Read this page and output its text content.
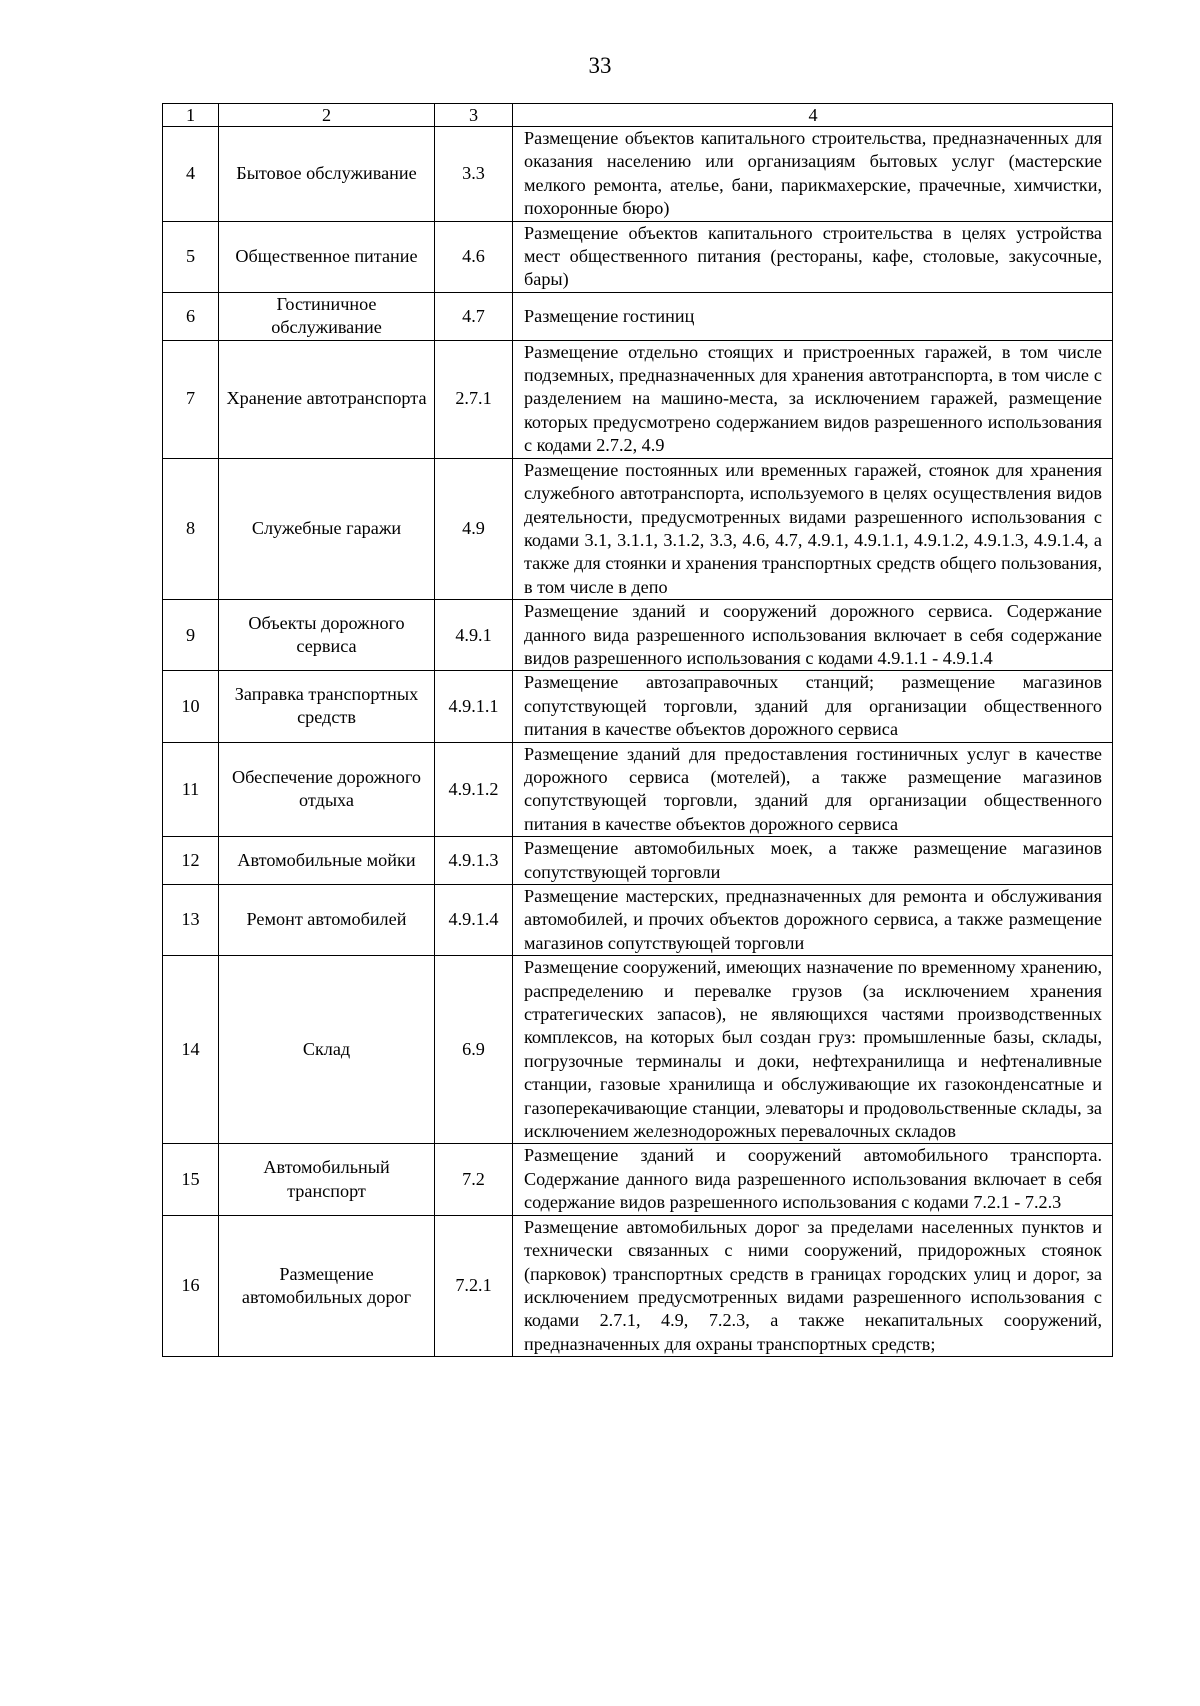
33
1	2	3	4
4	Бытовое обслуживание	3.3	Размещение объектов капитального строительства, предназначенных для оказания населению или организациям бытовых услуг (мастерские мелкого ремонта, ателье, бани, парикмахерские, прачечные, химчистки, похоронные бюро)
5	Общественное питание	4.6	Размещение объектов капитального строительства в целях устройства мест общественного питания (рестораны, кафе, столовые, закусочные, бары)
6	Гостиничное обслуживание	4.7	Размещение гостиниц
7	Хранение автотранспорта	2.7.1	Размещение отдельно стоящих и пристроенных гаражей, в том числе подземных, предназначенных для хранения автотранспорта, в том числе с разделением на машино-места, за исключением гаражей, размещение которых предусмотрено содержанием видов разрешенного использования с кодами 2.7.2, 4.9
8	Служебные гаражи	4.9	Размещение постоянных или временных гаражей, стоянок для хранения служебного автотранспорта, используемого в целях осуществления видов деятельности, предусмотренных видами разрешенного использования с кодами 3.1, 3.1.1, 3.1.2, 3.3, 4.6, 4.7, 4.9.1, 4.9.1.1, 4.9.1.2, 4.9.1.3, 4.9.1.4, а также для стоянки и хранения транспортных средств общего пользования, в том числе в депо
9	Объекты дорожного сервиса	4.9.1	Размещение зданий и сооружений дорожного сервиса. Содержание данного вида разрешенного использования включает в себя содержание видов разрешенного использования с кодами 4.9.1.1 - 4.9.1.4
10	Заправка транспортных средств	4.9.1.1	Размещение автозаправочных станций; размещение магазинов сопутствующей торговли, зданий для организации общественного питания в качестве объектов дорожного сервиса
11	Обеспечение дорожного отдыха	4.9.1.2	Размещение зданий для предоставления гостиничных услуг в качестве дорожного сервиса (мотелей), а также размещение магазинов сопутствующей торговли, зданий для организации общественного питания в качестве объектов дорожного сервиса
12	Автомобильные мойки	4.9.1.3	Размещение автомобильных моек, а также размещение магазинов сопутствующей торговли
13	Ремонт автомобилей	4.9.1.4	Размещение мастерских, предназначенных для ремонта и обслуживания автомобилей, и прочих объектов дорожного сервиса, а также размещение магазинов сопутствующей торговли
14	Склад	6.9	Размещение сооружений, имеющих назначение по временному хранению, распределению и перевалке грузов (за исключением хранения стратегических запасов), не являющихся частями производственных комплексов, на которых был создан груз: промышленные базы, склады, погрузочные терминалы и доки, нефтехранилища и нефтеналивные станции, газовые хранилища и обслуживающие их газоконденсатные и газоперекачивающие станции, элеваторы и продовольственные склады, за исключением железнодорожных перевалочных складов
15	Автомобильный транспорт	7.2	Размещение зданий и сооружений автомобильного транспорта. Содержание данного вида разрешенного использования включает в себя содержание видов разрешенного использования с кодами 7.2.1 - 7.2.3
16	Размещение автомобильных дорог	7.2.1	Размещение автомобильных дорог за пределами населенных пунктов и технически связанных с ними сооружений, придорожных стоянок (парковок) транспортных средств в границах городских улиц и дорог, за исключением предусмотренных видами разрешенного использования с кодами 2.7.1, 4.9, 7.2.3, а также некапитальных сооружений, предназначенных для охраны транспортных средств;
